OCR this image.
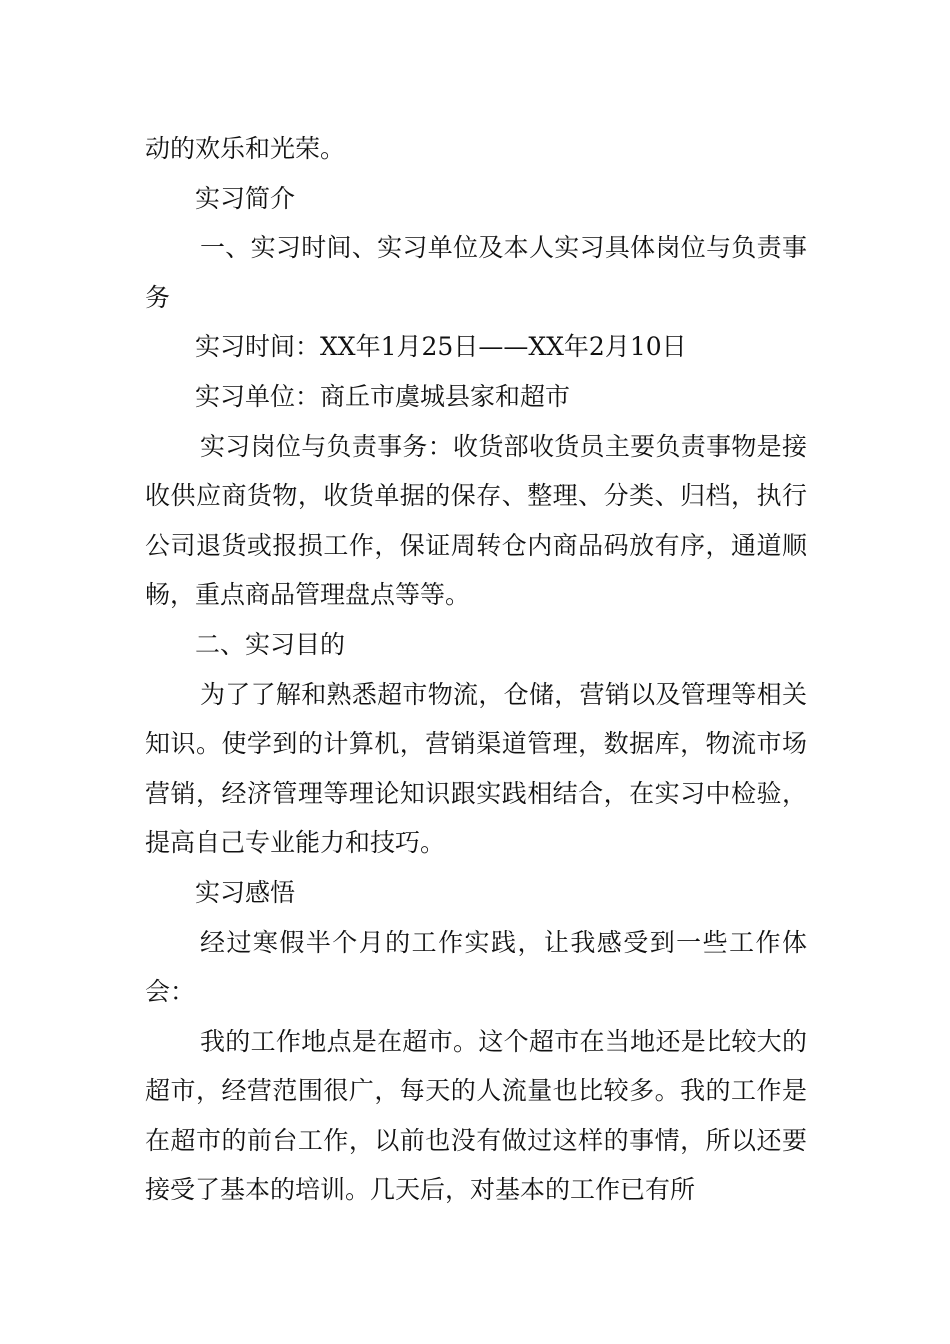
动的欢乐和光荣。

实习简介

一、实习时间、实习单位及本人实习具体岗位与负责事务

实习时间：XX年1月25日——XX年2月10日

实习单位：商丘市虞城县家和超市

实习岗位与负责事务：收货部收货员主要负责事物是接收供应商货物，收货单据的保存、整理、分类、归档，执行公司退货或报损工作，保证周转仓内商品码放有序，通道顺畅，重点商品管理盘点等等。

二、实习目的

为了了解和熟悉超市物流，仓储，营销以及管理等相关知识。使学到的计算机，营销渠道管理，数据库，物流市场营销，经济管理等理论知识跟实践相结合，在实习中检验，提高自己专业能力和技巧。

实习感悟

经过寒假半个月的工作实践，让我感受到一些工作体会：

我的工作地点是在超市。这个超市在当地还是比较大的超市，经营范围很广，每天的人流量也比较多。我的工作是在超市的前台工作，以前也没有做过这样的事情，所以还要接受了基本的培训。几天后，对基本的工作已有所
